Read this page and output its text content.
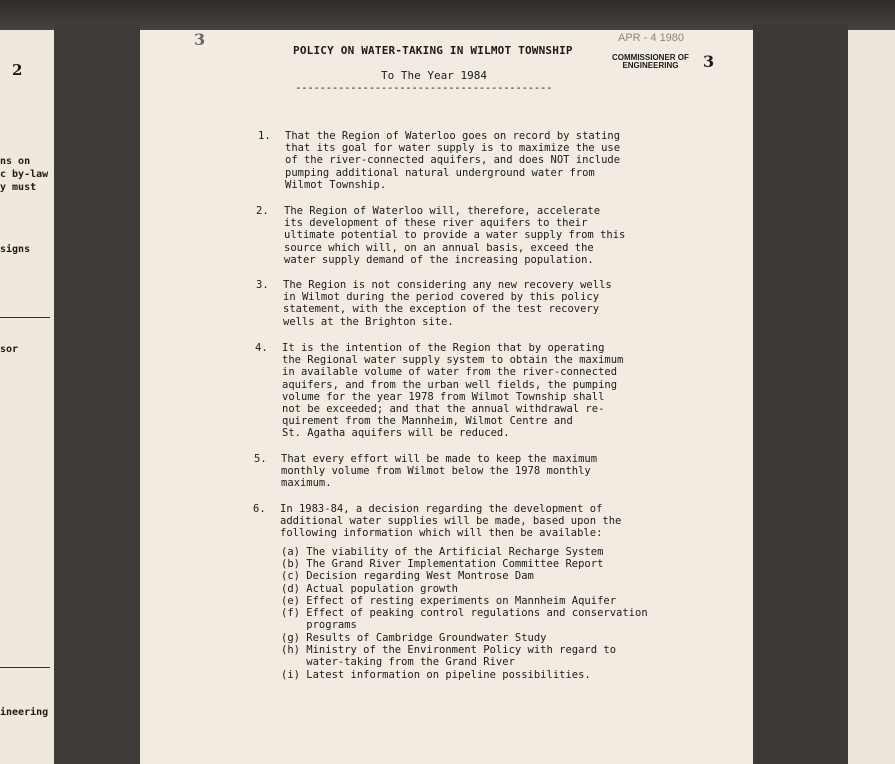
2
ns on
c by-law
y must
signs
sor
ineering
3
POLICY ON WATER-TAKING IN WILMOT TOWNSHIP
APR - 4 1980
COMMISSIONER OF
ENGINEERING	3
To The Year 1984
------------------------------------------
1. That the Region of Waterloo goes on record by stating
that its goal for water supply is to maximize the use
of the river-connected aquifers, and does NOT include
pumping additional natural underground water from
Wilmot Township.
2. The Region of Waterloo will, therefore, accelerate
its development of these river aquifers to their
ultimate potential to provide a water supply from this
source which will, on an annual basis, exceed the
water supply demand of the increasing population.
3. The Region is not considering any new recovery wells
in Wilmot during the period covered by this policy
statement, with the exception of the test recovery
wells at the Brighton site.
4. It is the intention of the Region that by operating
the Regional water supply system to obtain the maximum
in available volume of water from the river-connected
aquifers, and from the urban well fields, the pumping
volume for the year 1978 from Wilmot Township shall
not be exceeded; and that the annual withdrawal re-
quirement from the Mannheim, Wilmot Centre and
St. Agatha aquifers will be reduced.
5. That every effort will be made to keep the maximum
monthly volume from Wilmot below the 1978 monthly
maximum.
6. In 1983-84, a decision regarding the development of
additional water supplies will be made, based upon the
following information which will then be available:
(a) The viability of the Artificial Recharge System
(b) The Grand River Implementation Committee Report
(c) Decision regarding West Montrose Dam
(d) Actual population growth
(e) Effect of resting experiments on Mannheim Aquifer
(f) Effect of peaking control regulations and conservation
programs
(g) Results of Cambridge Groundwater Study
(h) Ministry of the Environment Policy with regard to
water-taking from the Grand River
(i) Latest information on pipeline possibilities.
